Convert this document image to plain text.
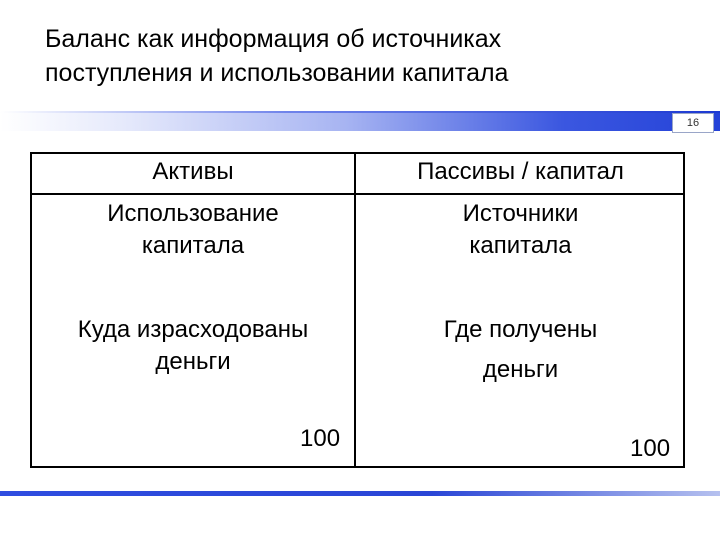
Баланс как информация об источниках
поступления и использовании капитала
16
Активы	Пассивы / капитал
Использование
капитала
Источники
капитала
Куда израсходованы
деньги
Где получены
деньги
100	100
